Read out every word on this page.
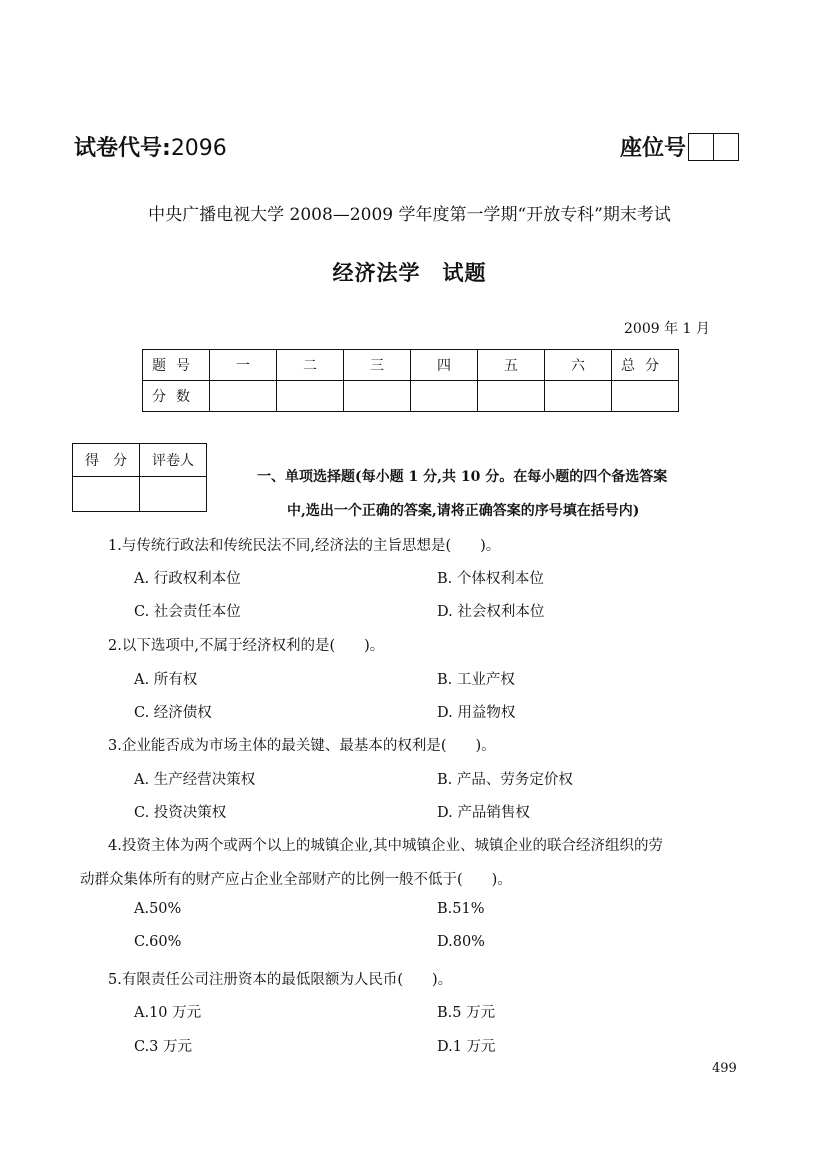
试卷代号:2096	座位号
中央广播电视大学 2008—2009 学年度第一学期“开放专科”期末考试
经济法学　试题
2009 年 1 月
题号	一	二	三	四	五	六	总分
分数							
得　分	评卷人

一、单项选择题(每小题 1 分,共 10 分。在每小题的四个备选答案
中,选出一个正确的答案,请将正确答案的序号填在括号内)
1.与传统行政法和传统民法不同,经济法的主旨思想是(　　)。
A. 行政权利本位	B. 个体权利本位
C. 社会责任本位	D. 社会权利本位
2.以下选项中,不属于经济权利的是(　　)。
A. 所有权	B. 工业产权
C. 经济债权	D. 用益物权
3.企业能否成为市场主体的最关键、最基本的权利是(　　)。
A. 生产经营决策权	B. 产品、劳务定价权
C. 投资决策权	D. 产品销售权
4.投资主体为两个或两个以上的城镇企业,其中城镇企业、城镇企业的联合经济组织的劳
动群众集体所有的财产应占企业全部财产的比例一般不低于(　　)。
A.50%	B.51%
C.60%	D.80%
5.有限责任公司注册资本的最低限额为人民币(　　)。
A.10 万元	B.5 万元
C.3 万元	D.1 万元
499
